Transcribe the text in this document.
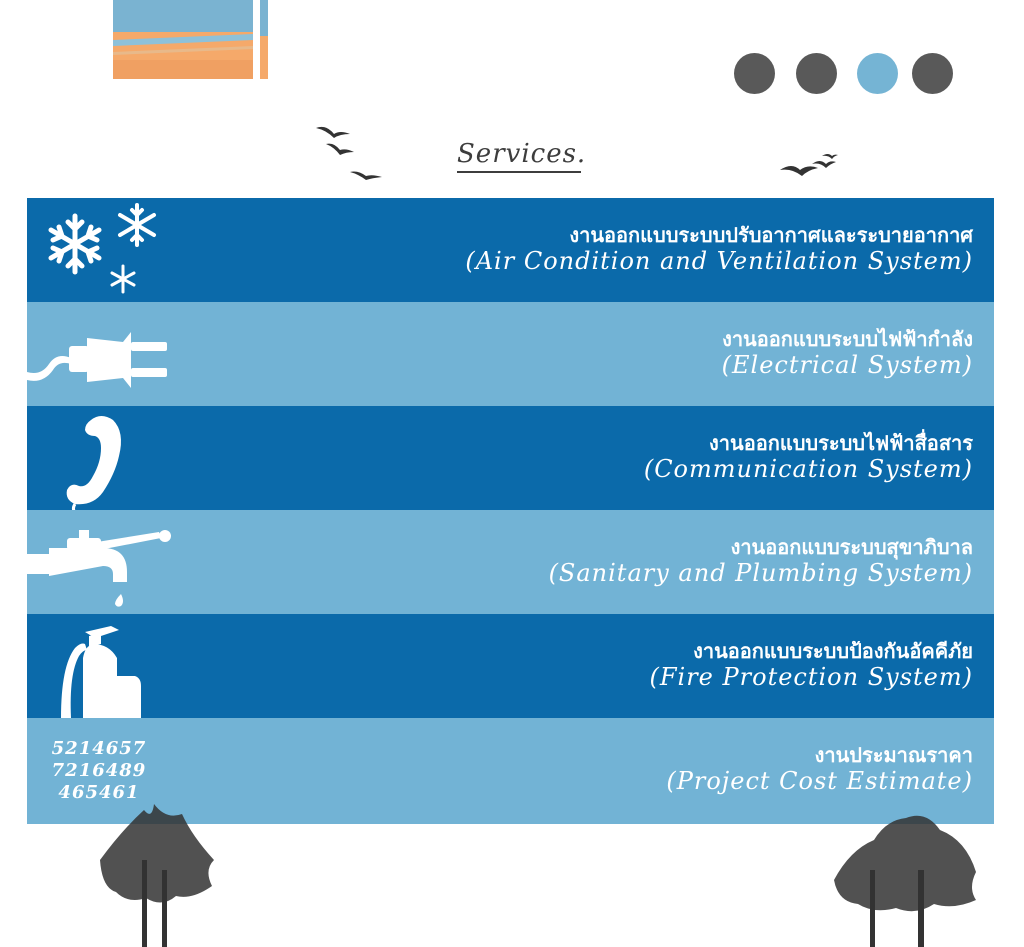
Services.
งานออกแบบระบบปรับอากาศและระบายอากาศ
(Air Condition and Ventilation System)
งานออกแบบระบบไฟฟ้ากำลัง
(Electrical System)
งานออกแบบระบบไฟฟ้าสื่อสาร
(Communication System)
งานออกแบบระบบสุขาภิบาล
(Sanitary and Plumbing System)
งานออกแบบระบบป้องกันอัคคีภัย
(Fire Protection System)
5214657
7216489
465461
งานประมาณราคา
(Project Cost Estimate)
